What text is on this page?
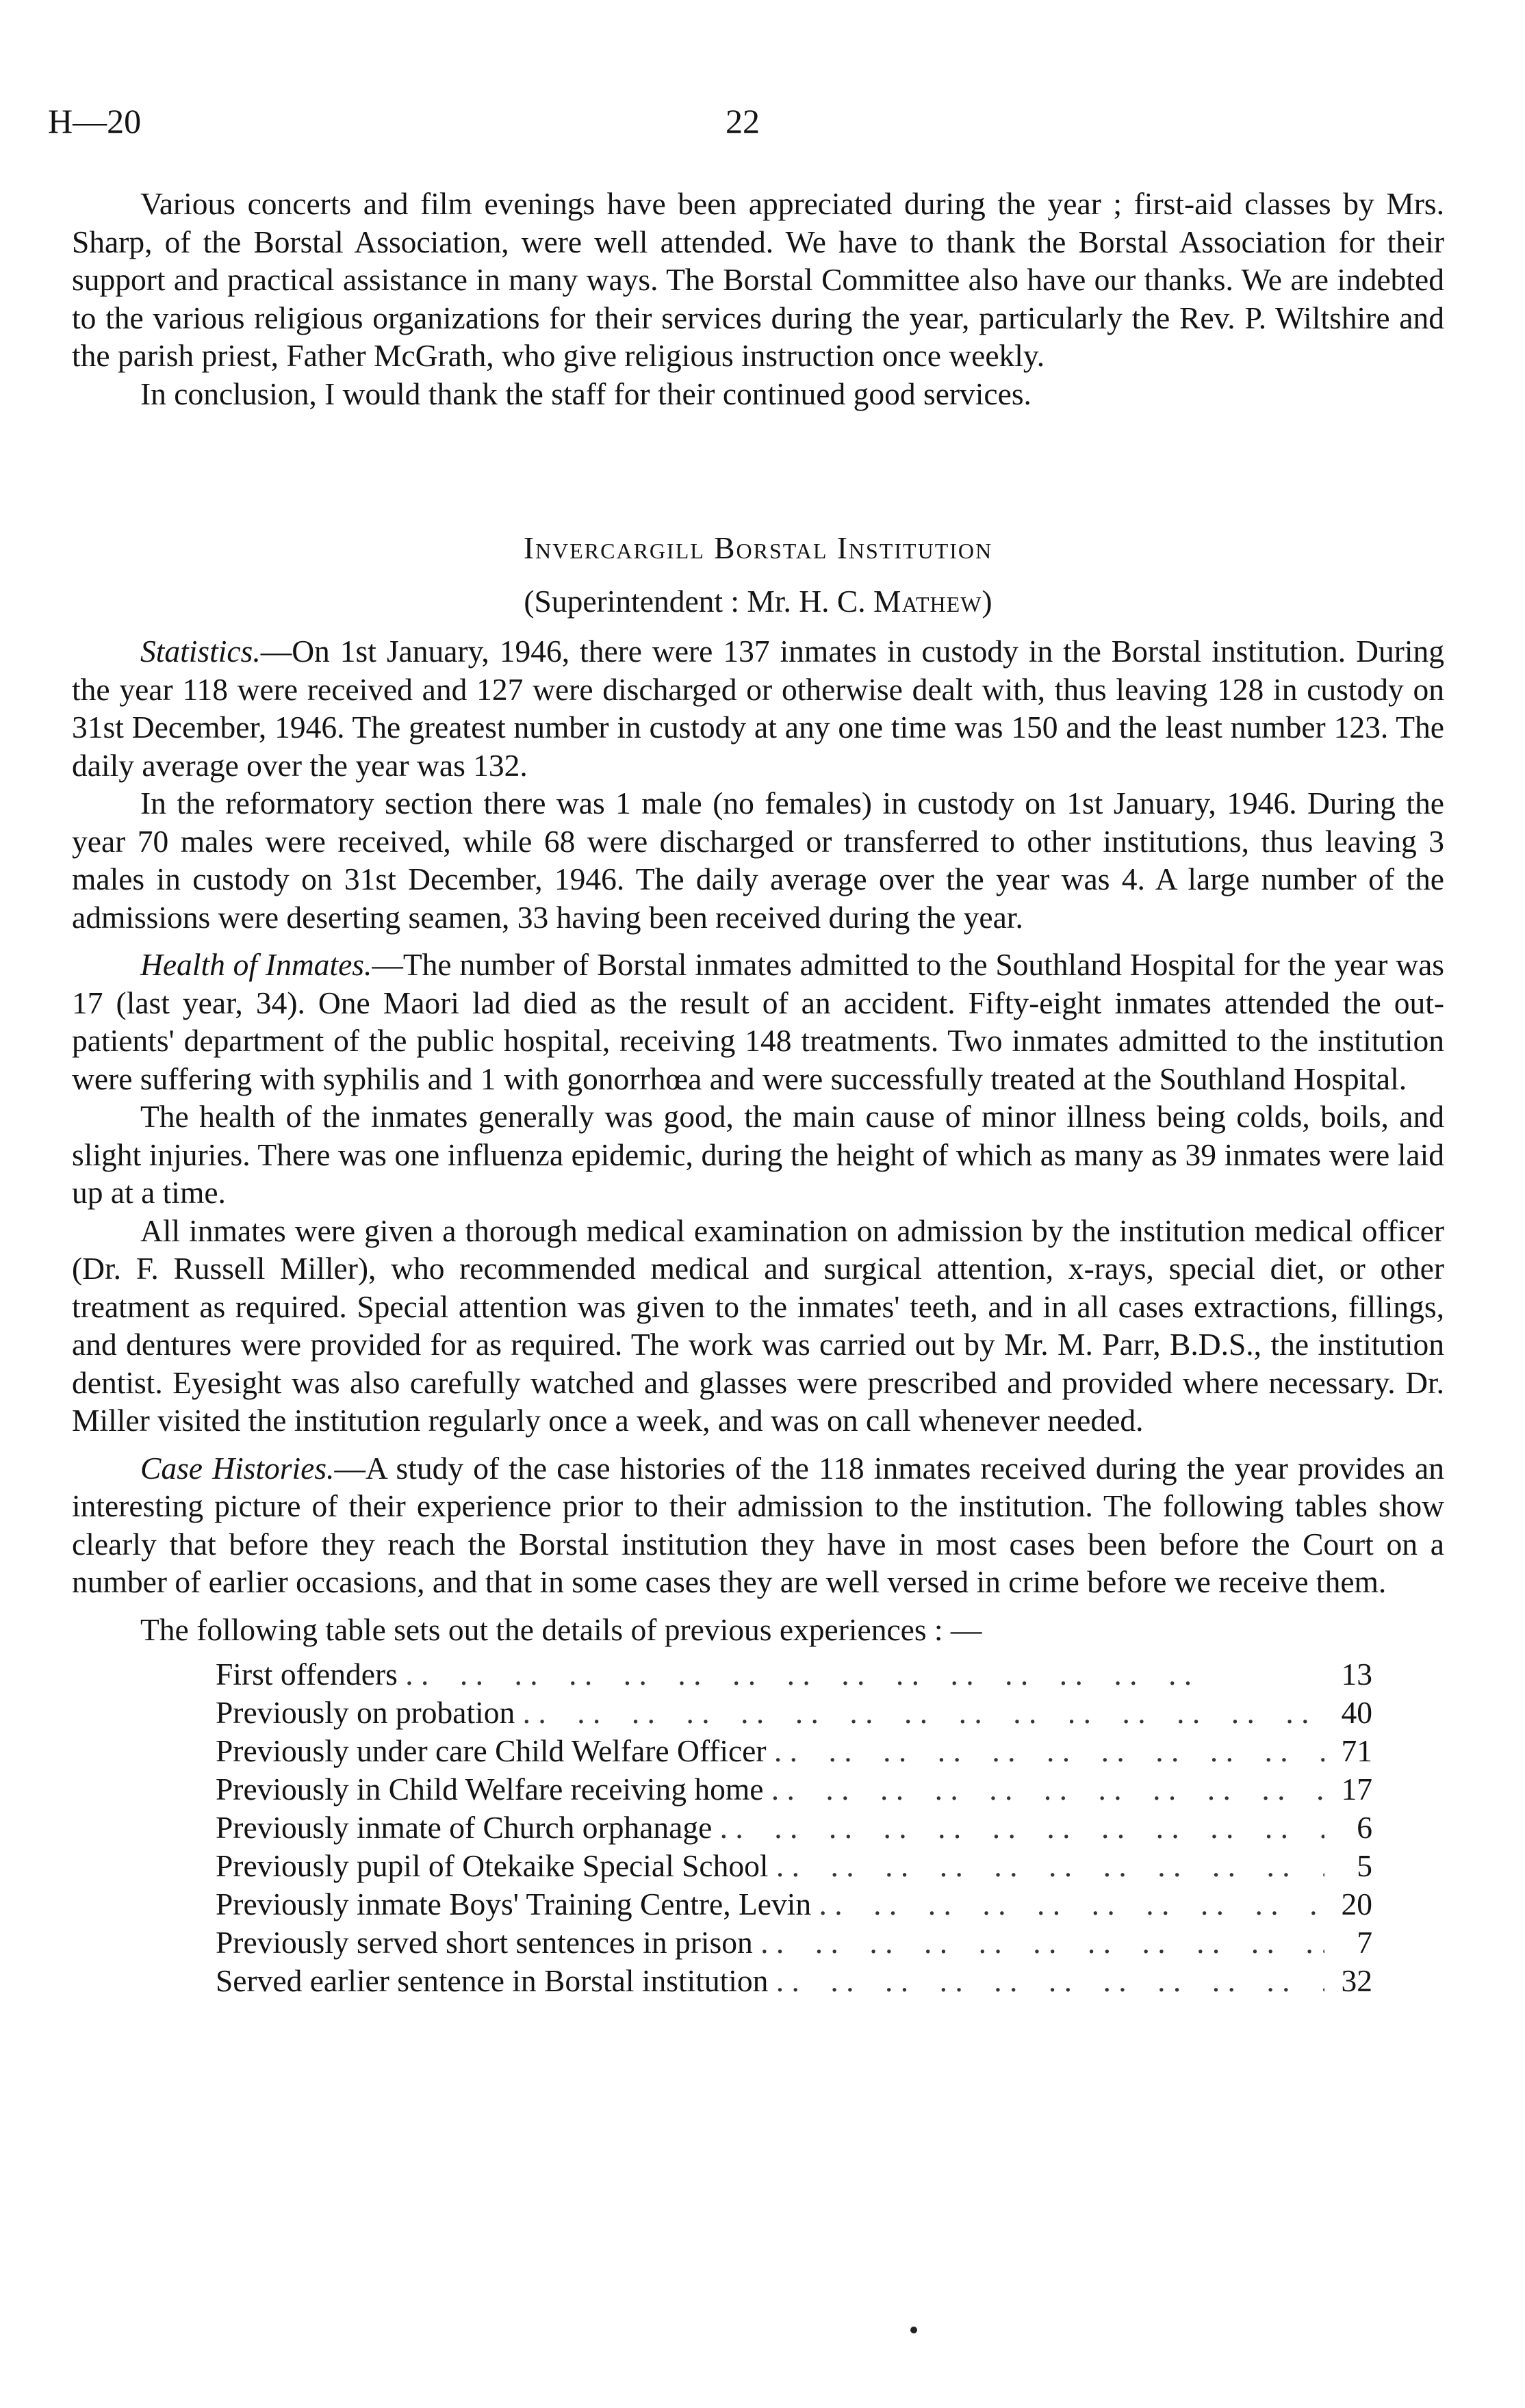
H—20	22

Various concerts and film evenings have been appreciated during the year ; first-aid classes by Mrs. Sharp, of the Borstal Association, were well attended. We have to thank the Borstal Association for their support and practical assistance in many ways. The Borstal Committee also have our thanks. We are indebted to the various religious organizations for their services during the year, particularly the Rev. P. Wiltshire and the parish priest, Father McGrath, who give religious instruction once weekly.

In conclusion, I would thank the staff for their continued good services.

Invercargill Borstal Institution

(Superintendent : Mr. H. C. Mathew)

Statistics.—On 1st January, 1946, there were 137 inmates in custody in the Borstal institution. During the year 118 were received and 127 were discharged or otherwise dealt with, thus leaving 128 in custody on 31st December, 1946. The greatest number in custody at any one time was 150 and the least number 123. The daily average over the year was 132.

In the reformatory section there was 1 male (no females) in custody on 1st January, 1946. During the year 70 males were received, while 68 were discharged or transferred to other institutions, thus leaving 3 males in custody on 31st December, 1946. The daily average over the year was 4. A large number of the admissions were deserting seamen, 33 having been received during the year.

Health of Inmates.—The number of Borstal inmates admitted to the Southland Hospital for the year was 17 (last year, 34). One Maori lad died as the result of an accident. Fifty-eight inmates attended the out-patients' department of the public hospital, receiving 148 treatments. Two inmates admitted to the institution were suffering with syphilis and 1 with gonorrhœa and were successfully treated at the Southland Hospital.

The health of the inmates generally was good, the main cause of minor illness being colds, boils, and slight injuries. There was one influenza epidemic, during the height of which as many as 39 inmates were laid up at a time.

All inmates were given a thorough medical examination on admission by the institution medical officer (Dr. F. Russell Miller), who recommended medical and surgical attention, x-rays, special diet, or other treatment as required. Special attention was given to the inmates' teeth, and in all cases extractions, fillings, and dentures were provided for as required. The work was carried out by Mr. M. Parr, B.D.S., the institution dentist. Eyesight was also carefully watched and glasses were prescribed and provided where necessary. Dr. Miller visited the institution regularly once a week, and was on call whenever needed.

Case Histories.—A study of the case histories of the 118 inmates received during the year provides an interesting picture of their experience prior to their admission to the institution. The following tables show clearly that before they reach the Borstal institution they have in most cases been before the Court on a number of earlier occasions, and that in some cases they are well versed in crime before we receive them.

The following table sets out the details of previous experiences : —

First offenders . .	13
Previously on probation . .	40
Previously under care Child Welfare Officer . .	71
Previously in Child Welfare receiving home . .	17
Previously inmate of Church orphanage . .	6
Previously pupil of Otekaike Special School . .	5
Previously inmate Boys' Training Centre, Levin . .	20
Previously served short sentences in prison . .	7
Served earlier sentence in Borstal institution . .	32
